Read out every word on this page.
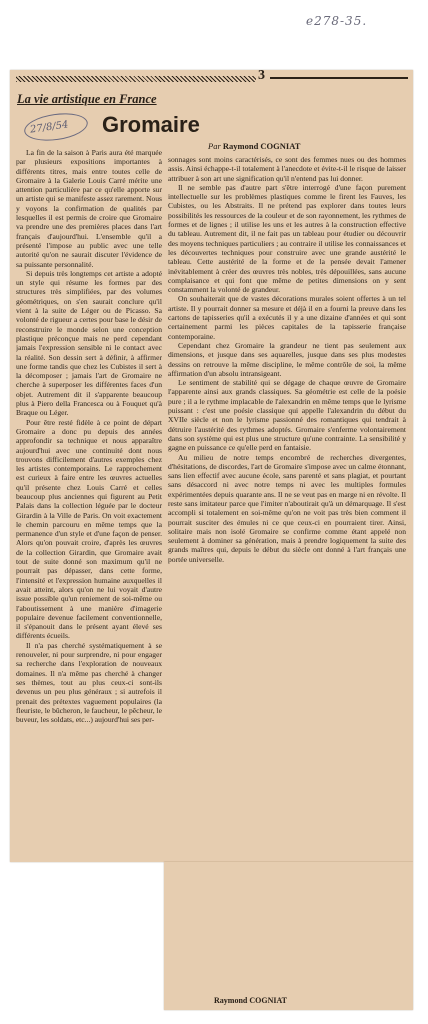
e278-35.
3
La vie artistique en France
27/8/54 Gromaire
Par Raymond COGNIAT

La fin de la saison à Paris aura été marquée par plusieurs expositions importantes à différents titres, mais entre toutes celle de Gromaire à la Galerie Louis Carré mérite une attention particulière par ce qu'elle apporte sur un artiste qui se manifeste assez rarement. Nous y voyons la confirmation de qualités par lesquelles il est permis de croire que Gromaire va prendre une des premières places dans l'art français d'aujourd'hui. L'ensemble qu'il a présenté l'impose au public avec une telle autorité qu'on ne saurait discuter l'évidence de sa puissante personnalité.

Si depuis très longtemps cet artiste a adopté un style qui résume les formes par des structures très simplifiées, par des volumes géométriques, on s'en saurait conclure qu'il vient à la suite de Léger ou de Picasso. Sa volonté de rigueur a certes pour base le désir de reconstruire le monde selon une conception plastique préconçue mais ne perd cependant jamais l'expression sensible ni le contact avec la réalité. Son dessin sert à définir, à affirmer une forme tandis que chez les Cubistes il sert à la décomposer ; jamais l'art de Gromaire ne cherche à superposer les différentes faces d'un objet. Autrement dit il s'apparente beaucoup plus à Piero della Francesca ou à Fouquet qu'à Braque ou Léger.

Pour être resté fidèle à ce point de départ Gromaire a donc pu depuis des années approfondir sa technique et nous apparaître aujourd'hui avec une continuité dont nous trouvons difficilement d'autres exemples chez les artistes contemporains. Le rapprochement est curieux à faire entre les œuvres actuelles qu'il présente chez Louis Carré et celles beaucoup plus anciennes qui figurent au Petit Palais dans la collection léguée par le docteur Girardin à la Ville de Paris. On voit exactement le chemin parcouru en même temps que la permanence d'un style et d'une façon de penser. Alors qu'on pouvait croire, d'après les œuvres de la collection Girardin, que Gromaire avait tout de suite donné son maximum qu'il ne pourrait pas dépasser, dans cette forme, l'intensité et l'expression humaine auxquelles il avait atteint, alors qu'on ne lui voyait d'autre issue possible qu'un reniement de soi-même ou l'aboutissement à une manière d'imagerie populaire devenue facilement conventionnelle, il s'épanouit dans le présent ayant élevé ses différents écueils.

Il n'a pas cherché systématiquement à se renouveler, ni pour surprendre, ni pour engager sa recherche dans l'exploration de nouveaux domaines. Il n'a même pas cherché à changer ses thèmes, tout au plus ceux-ci sont-ils devenus un peu plus généraux ; si autrefois il prenait des prétextes vaguement populaires (la fleuriste, le bûcheron, le faucheur, le pêcheur, le buveur, les soldats, etc...) aujourd'hui ses per-

sonnages sont moins caractérisés, ce sont des femmes nues ou des hommes assis. Ainsi échappe-t-il totalement à l'anecdote et évite-t-il le risque de laisser attribuer à son art une signification qu'il n'entend pas lui donner.

Il ne semble pas d'autre part s'être interrogé d'une façon purement intellectuelle sur les problèmes plastiques comme le firent les Fauves, les Cubistes, ou les Abstraits. Il ne prétend pas explorer dans toutes leurs possibilités les ressources de la couleur et de son rayonnement, les rythmes de formes et de lignes ; il utilise les uns et les autres à la construction effective du tableau. Autrement dit, il ne fait pas un tableau pour étudier ou découvrir des moyens techniques particuliers ; au contraire il utilise les connaissances et les découvertes techniques pour construire avec une grande austérité le tableau. Cette austérité de la forme et de la pensée devait l'amener inévitablement à créer des œuvres très nobles, très dépouillées, sans aucune complaisance et qui font que même de petites dimensions on y sent constamment la volonté de grandeur.

On souhaiterait que de vastes décorations murales soient offertes à un tel artiste. Il y pourrait donner sa mesure et déjà il en a fourni la preuve dans les cartons de tapisseries qu'il a exécutés il y a une dizaine d'années et qui sont certainement parmi les pièces capitales de la tapisserie française contemporaine.

Cependant chez Gromaire la grandeur ne tient pas seulement aux dimensions, et jusque dans ses aquarelles, jusque dans ses plus modestes dessins on retrouve la même discipline, le même contrôle de soi, la même affirmation d'un absolu intransigeant.

Le sentiment de stabilité qui se dégage de chaque œuvre de Gromaire l'apparente ainsi aux grands classiques. Sa géométrie est celle de la poésie pure ; il a le rythme implacable de l'alexandrin en même temps que le lyrisme puissant : c'est une poésie classique qui appelle l'alexandrin du début du XVIIe siècle et non le lyrisme passionné des romantiques qui tendrait à détruire l'austérité des rythmes adoptés. Gromaire s'enferme volontairement dans son système qui est plus une structure qu'une contrainte. La sensibilité y gagne en puissance ce qu'elle perd en fantaisie.

Au milieu de notre temps encombré de recherches divergentes, d'hésitations, de discordes, l'art de Gromaire s'impose avec un calme étonnant, sans lien effectif avec aucune école, sans parenté et sans plagiat, et pourtant sans désaccord ni avec notre temps ni avec les multiples formules expérimentées depuis quarante ans. Il ne se veut pas en marge ni en révolte. Il reste sans imitateur parce que l'imiter n'aboutirait qu'à un démarquage. Il s'est accompli si totalement en soi-même qu'on ne voit pas très bien comment il pourrait susciter des émules ni ce que ceux-ci en pourraient tirer. Ainsi, solitaire mais non isolé Gromaire se confirme comme étant appelé non seulement à dominer sa génération, mais à prendre logiquement la suite des grands maîtres qui, depuis le début du siècle ont donné à l'art français une portée universelle.

Raymond COGNIAT
